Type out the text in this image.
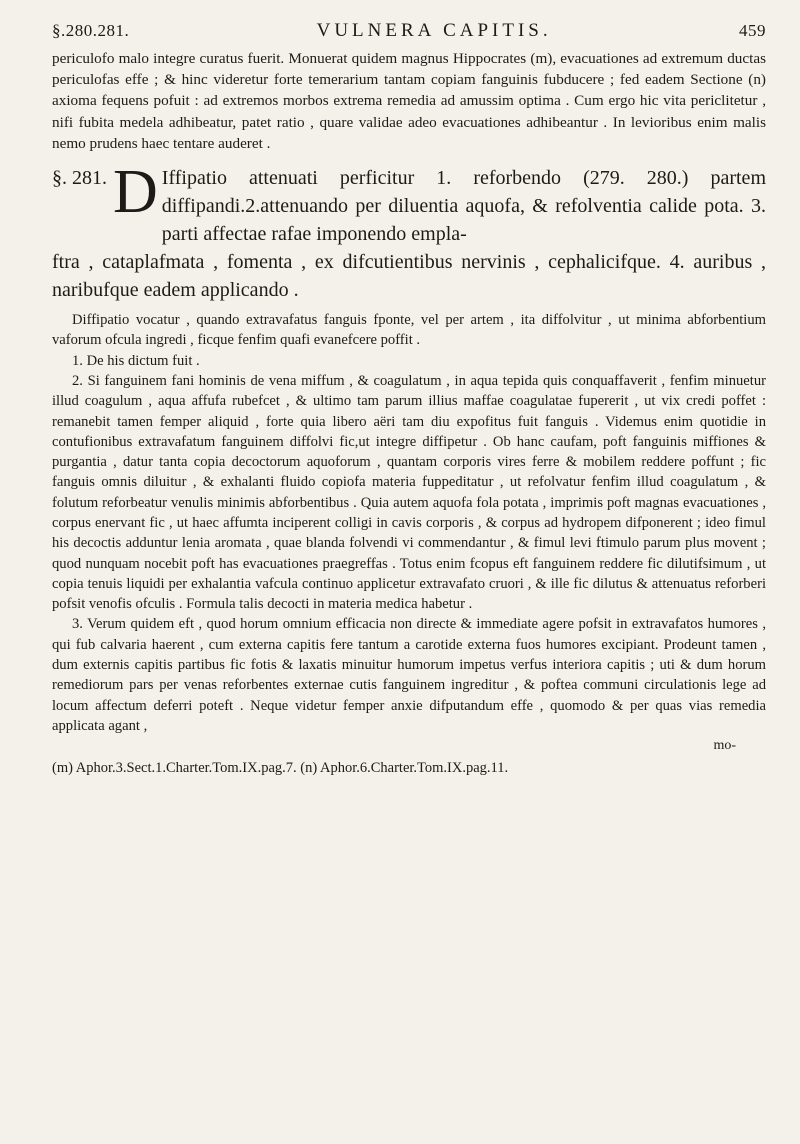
§.280.281.	VULNERA CAPITIS.	459

periculofo malo integre curatus fuerit. Monuerat quidem magnus Hippocrates (m), evacuationes ad extremum ductas periculofas effe ; & hinc videretur forte temerarium tantam copiam fanguinis fubducere ; fed eadem Sectione (n) axioma fequens pofuit : ad extremos morbos extrema remedia ad amussim optima . Cum ergo hic vita periclitetur , nifi fubita medela adhibeatur, patet ratio , quare validae adeo evacuationes adhibeantur . In levioribus enim malis nemo prudens haec tentare auderet .

§. 281. D Iffipatio attenuati perficitur 1. reforbendo (279. 280.) partem diffipandi.2.attenuando per diluentia aquofa, & refolventia calide pota. 3. parti affectae rafae imponendo empla-

ftra , cataplafmata , fomenta , ex difcutientibus nervinis , cephalicifque. 4. auribus , naribufque eadem applicando .

Diffipatio vocatur , quando extravafatus fanguis fponte, vel per artem , ita diffolvitur , ut minima abforbentium vaforum ofcula ingredi , ficque fenfim quafi evanefcere poffit .

1. De his dictum fuit .

2. Si fanguinem fani hominis de vena miffum , & coagulatum , in aqua tepida quis conquaffaverit , fenfim minuetur illud coagulum , aqua affufa rubefcet , & ultimo tam parum illius maffae coagulatae fupererit , ut vix credi poffet : remanebit tamen femper aliquid , forte quia libero aëri tam diu expofitus fuit fanguis . Videmus enim quotidie in contufionibus extravafatum fanguinem diffolvi fic,ut integre diffipetur . Ob hanc caufam, poft fanguinis miffiones & purgantia , datur tanta copia decoctorum aquoforum , quantam corporis vires ferre & mobilem reddere poffunt ; fic fanguis omnis diluitur , & exhalanti fluido copiofa materia fuppeditatur , ut refolvatur fenfim illud coagulatum , & folutum reforbeatur venulis minimis abforbentibus . Quia autem aquofa fola potata , imprimis poft magnas evacuationes , corpus enervant fic , ut haec affumta inciperent colligi in cavis corporis , & corpus ad hydropem difponerent ; ideo fimul his decoctis adduntur lenia aromata , quae blanda folvendi vi commendantur , & fimul levi ftimulo parum plus movent ; quod nunquam nocebit poft has evacuationes praegreffas . Totus enim fcopus eft fanguinem reddere fic dilutifsimum , ut copia tenuis liquidi per exhalantia vafcula continuo applicetur extravafato cruori , & ille fic dilutus & attenuatus reforberi pofsit venofis ofculis . Formula talis decocti in materia medica habetur .

3. Verum quidem eft , quod horum omnium efficacia non directe & immediate agere pofsit in extravafatos humores , qui fub calvaria haerent , cum externa capitis fere tantum a carotide externa fuos humores excipiant. Prodeunt tamen , dum externis capitis partibus fic fotis & laxatis minuitur humorum impetus verfus interiora capitis ; uti & dum horum remediorum pars per venas reforbentes externae cutis fanguinem ingreditur , & poftea communi circulationis lege ad locum affectum deferri poteft . Neque videtur femper anxie difputandum effe , quomodo & per quas vias remedia applicata agant ,

mo-

(m) Aphor.3.Sect.1.Charter.Tom.IX.pag.7. (n) Aphor.6.Charter.Tom.IX.pag.11.
